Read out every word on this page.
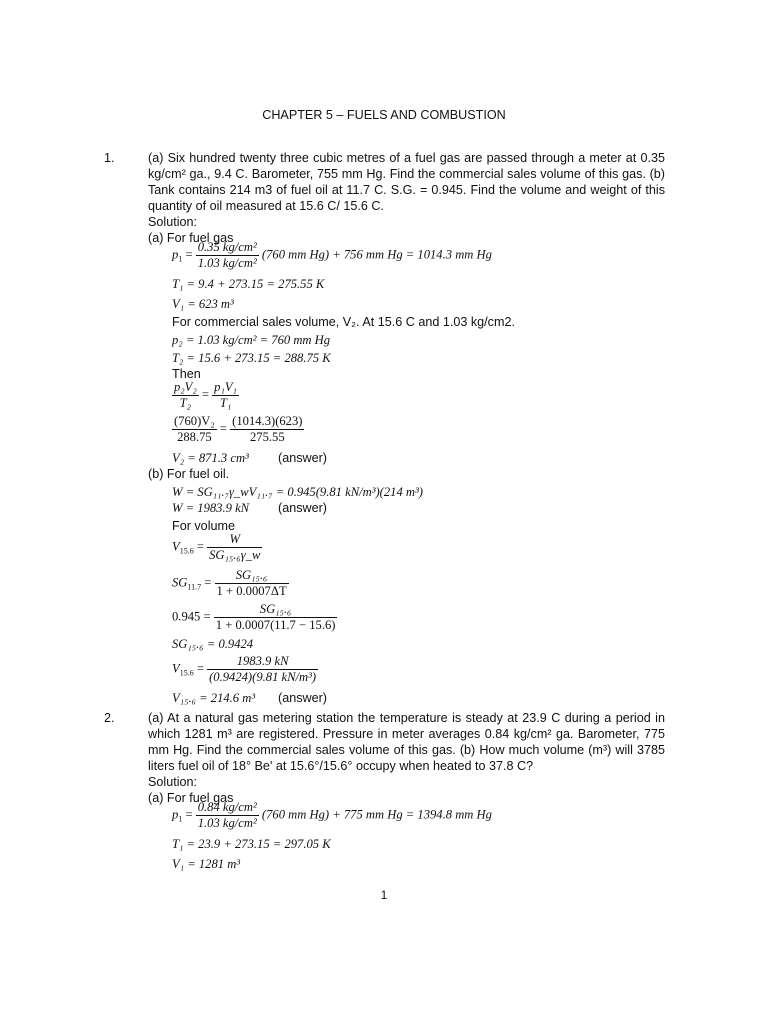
CHAPTER 5 – FUELS AND COMBUSTION
1.	(a) Six hundred twenty three cubic metres of a fuel gas are passed through a meter at 0.35 kg/cm² ga., 9.4 C. Barometer, 755 mm Hg. Find the commercial sales volume of this gas. (b) Tank contains 214 m3 of fuel oil at 11.7 C. S.G. = 0.945. Find the volume and weight of this quantity of oil measured at 15.6 C/ 15.6 C.
Solution:
(a) For fuel gas
$p_1 = \frac{\text{0.35 kg/cm²}}{\text{1.03 kg/cm²}} (760$ mm Hg) + 756 mm Hg = 1014.3 mm Hg
T₁ = 9.4 + 273.15 = 275.55 K
V₁ = 623 m³
For commercial sales volume, V₂. At 15.6 C and 1.03 kg/cm2.
p₂ = 1.03 kg/cm² = 760 mm Hg
T₂ = 15.6 + 273.15 = 288.75 K
Then
$\frac{\text{p₂V₂}}{\text{T₂}} = \frac{\text{p₁V₁}}{\text{T₁}}$
$\frac{\text{(760)V₂}}{288.75} = \frac{(1014.3)(623)}{275.55}$
V₂ = 871.3 cm³ (answer)
(b) For fuel oil.
W = SG₁₁.₇γ_wV₁₁.₇ = 0.945(9.81 kN/m³)(214 m³)
W = 1983.9 kN (answer)
For volume
$V_{15.6} = \frac{W}{\text{SG₁₅.₆γ\_w}}$
$SG_{11.7} = \frac{\text{SG₁₅.₆}}{1 + 0.0007\Delta T}$
$0.945 = \frac{\text{SG₁₅.₆}}{1 + 0.0007(11.7 - 15.6)}$
SG₁₅.₆ = 0.9424
$V_{15.6} = \frac{1983.9 kN}{\text{(0.9424)(9.81 kN/m³)}}$
V₁₅.₆ = 214.6 m³ (answer)
2.	(a) At a natural gas metering station the temperature is steady at 23.9 C during a period in which 1281 m³ are registered. Pressure in meter averages 0.84 kg/cm² ga. Barometer, 775 mm Hg. Find the commercial sales volume of this gas. (b) How much volume (m³) will 3785 liters fuel oil of 18° Be' at 15.6°/15.6° occupy when heated to 37.8 C?
Solution:
(a) For fuel gas
$p_1 = \frac{\text{0.84 kg/cm²}}{\text{1.03 kg/cm²}} (760$ mm Hg) + 775 mm Hg = 1394.8 mm Hg
T₁ = 23.9 + 273.15 = 297.05 K
V₁ = 1281 m³
1
